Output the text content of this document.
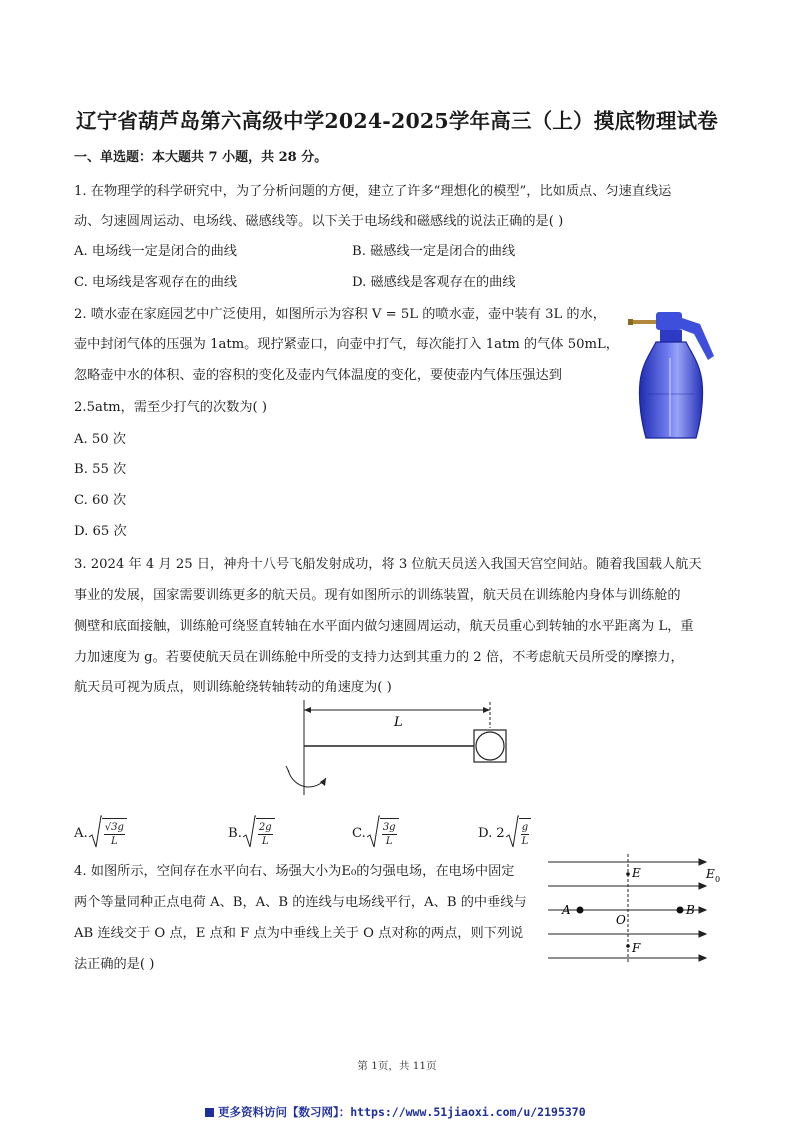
辽宁省葫芦岛第六高级中学2024-2025学年高三（上）摸底物理试卷
一、单选题：本大题共 7 小题，共 28 分。
1. 在物理学的科学研究中，为了分析问题的方便，建立了许多“理想化的模型”，比如质点、匀速直线运
动、匀速圆周运动、电场线、磁感线等。以下关于电场线和磁感线的说法正确的是( )
A. 电场线一定是闭合的曲线	B. 磁感线一定是闭合的曲线
C. 电场线是客观存在的曲线	D. 磁感线是客观存在的曲线
2. 喷水壶在家庭园艺中广泛使用，如图所示为容积 V = 5L 的喷水壶，壶中装有 3L 的水，
壶中封闭气体的压强为 1atm。现拧紧壶口，向壶中打气，每次能打入 1atm 的气体 50mL，
忽略壶中水的体积、壶的容积的变化及壶内气体温度的变化，要使壶内气体压强达到
2.5atm，需至少打气的次数为( )
A. 50 次
B. 55 次
C. 60 次
D. 65 次
3. 2024 年 4 月 25 日，神舟十八号飞船发射成功，将 3 位航天员送入我国天宫空间站。随着我国载人航天
事业的发展，国家需要训练更多的航天员。现有如图所示的训练装置，航天员在训练舱内身体与训练舱的
侧壁和底面接触，训练舱可绕竖直转轴在水平面内做匀速圆周运动，航天员重心到转轴的水平距离为 L，重
力加速度为 g。若要使航天员在训练舱中所受的支持力达到其重力的 2 倍，不考虑航天员所受的摩擦力，
航天员可视为质点，则训练舱绕转轴转动的角速度为( )
L
A. $\frac{√3g}{L}$	B. $\frac{2g}{L}$	C. $\frac{3g}{L}$	D. $2 \frac{g}{L}$
4. 如图所示，空间存在水平向右、场强大小为E₀的匀强电场，在电场中固定
两个等量同种正点电荷 A、B，A、B 的连线与电场线平行，A、B 的中垂线与
AB 连线交于 O 点，E 点和 F 点为中垂线上关于 O 点对称的两点，则下列说
法正确的是( )
E	E 0
A
O
B
F
第 1页，共 11页
更多资料访问【数习网】：https://www.51jiaoxi.com/u/2195370
